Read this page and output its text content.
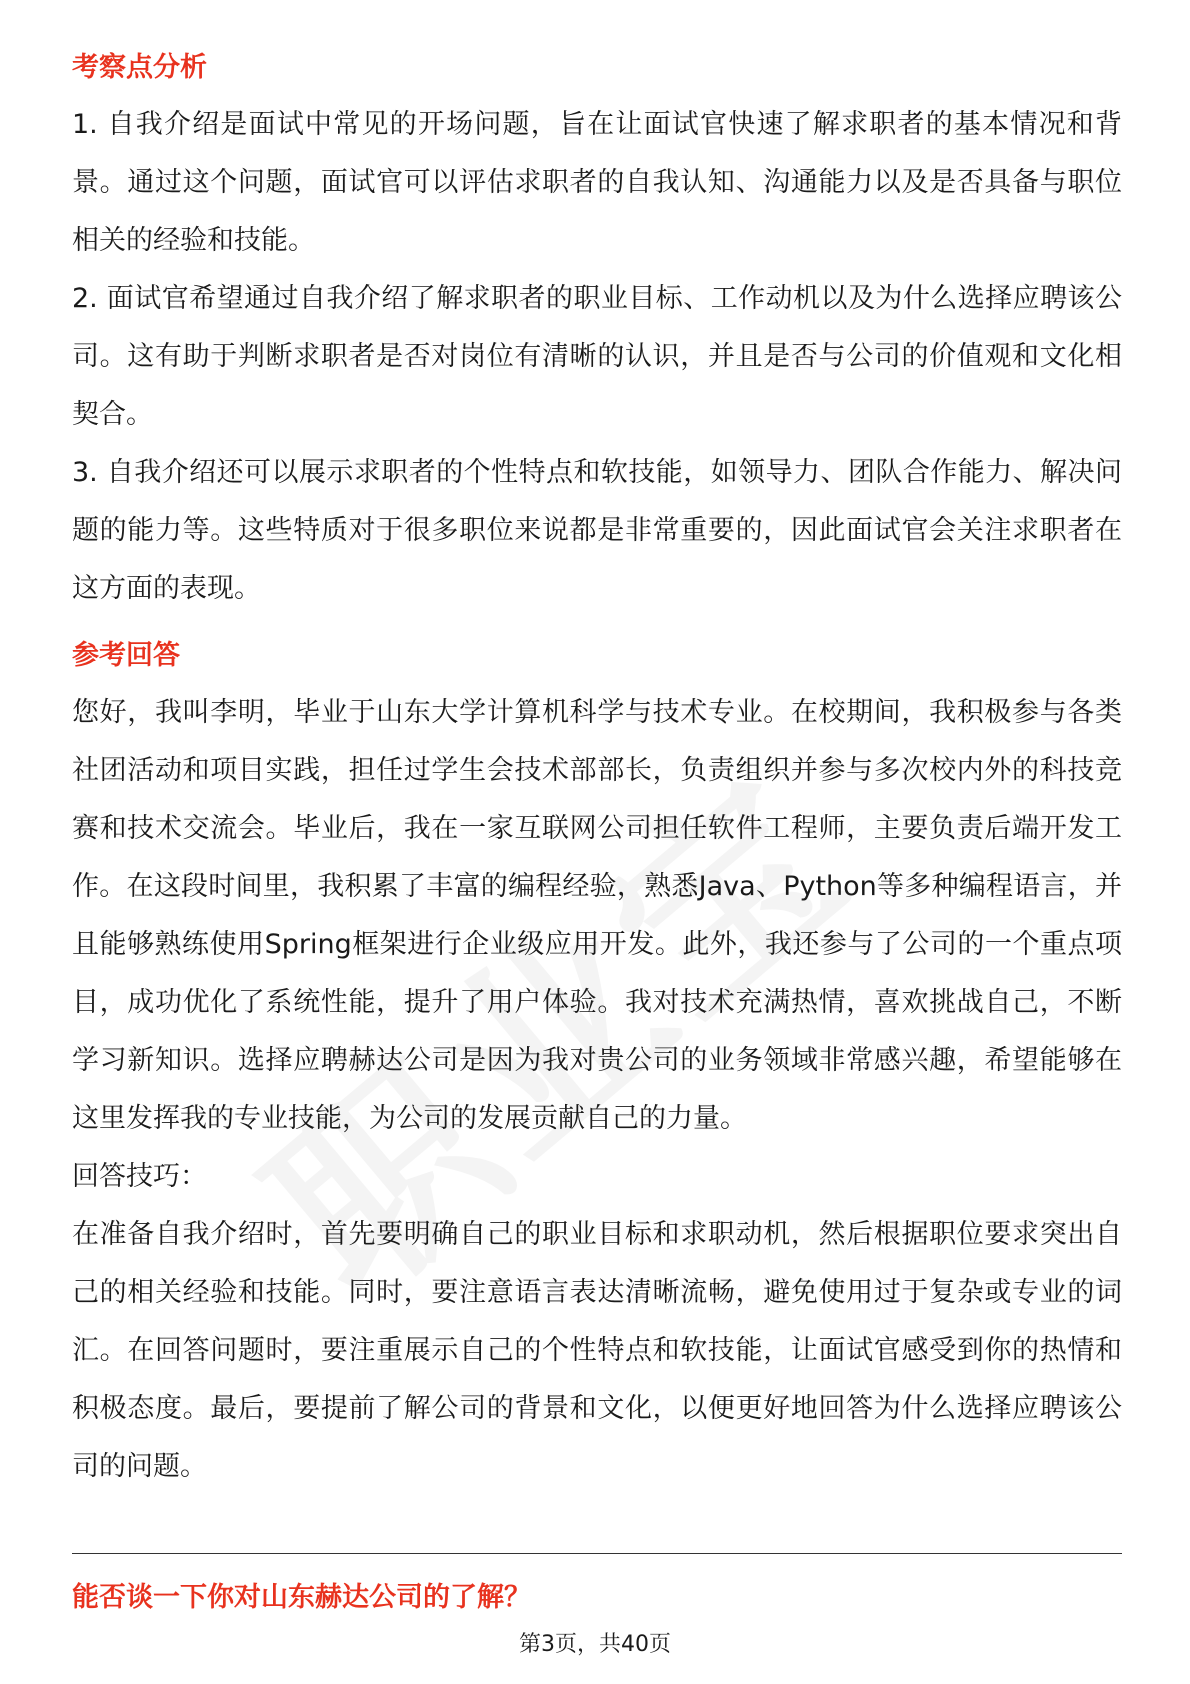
考察点分析

1. 自我介绍是面试中常见的开场问题，旨在让面试官快速了解求职者的基本情况和背景。通过这个问题，面试官可以评估求职者的自我认知、沟通能力以及是否具备与职位相关的经验和技能。

2. 面试官希望通过自我介绍了解求职者的职业目标、工作动机以及为什么选择应聘该公司。这有助于判断求职者是否对岗位有清晰的认识，并且是否与公司的价值观和文化相契合。

3. 自我介绍还可以展示求职者的个性特点和软技能，如领导力、团队合作能力、解决问题的能力等。这些特质对于很多职位来说都是非常重要的，因此面试官会关注求职者在这方面的表现。

参考回答

您好，我叫李明，毕业于山东大学计算机科学与技术专业。在校期间，我积极参与各类社团活动和项目实践，担任过学生会技术部部长，负责组织并参与多次校内外的科技竞赛和技术交流会。毕业后，我在一家互联网公司担任软件工程师，主要负责后端开发工作。在这段时间里，我积累了丰富的编程经验，熟悉Java、Python等多种编程语言，并且能够熟练使用Spring框架进行企业级应用开发。此外，我还参与了公司的一个重点项目，成功优化了系统性能，提升了用户体验。我对技术充满热情，喜欢挑战自己，不断学习新知识。选择应聘赫达公司是因为我对贵公司的业务领域非常感兴趣，希望能够在这里发挥我的专业技能，为公司的发展贡献自己的力量。

回答技巧：

在准备自我介绍时，首先要明确自己的职业目标和求职动机，然后根据职位要求突出自己的相关经验和技能。同时，要注意语言表达清晰流畅，避免使用过于复杂或专业的词汇。在回答问题时，要注重展示自己的个性特点和软技能，让面试官感受到你的热情和积极态度。最后，要提前了解公司的背景和文化，以便更好地回答为什么选择应聘该公司的问题。

能否谈一下你对山东赫达公司的了解？
第3页，共40页
